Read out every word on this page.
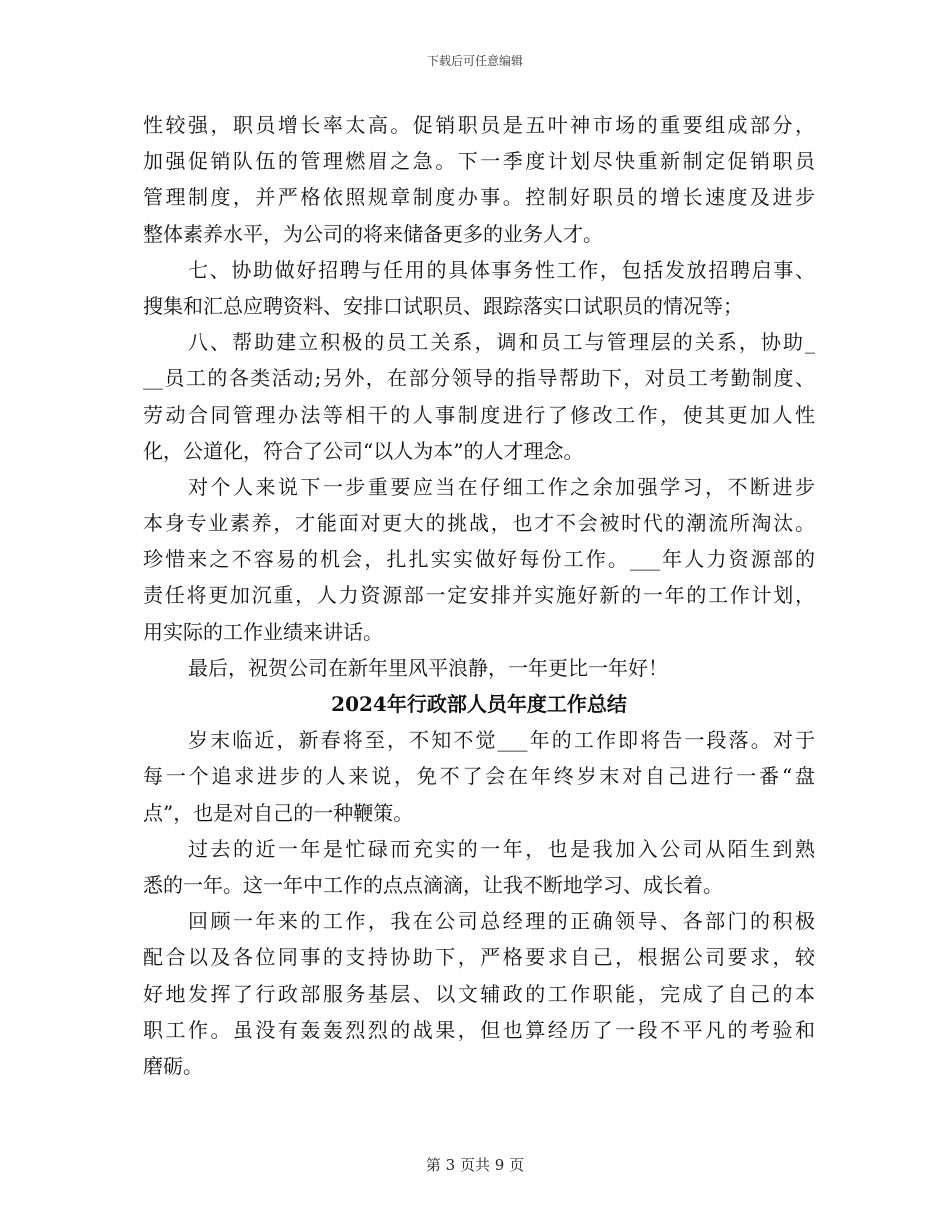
下载后可任意编辑
性较强，职员增长率太高。促销职员是五叶神市场的重要组成部分，
加强促销队伍的管理燃眉之急。下一季度计划尽快重新制定促销职员
管理制度，并严格依照规章制度办事。控制好职员的增长速度及进步
整体素养水平，为公司的将来储备更多的业务人才。
七、协助做好招聘与任用的具体事务性工作，包括发放招聘启事、
搜集和汇总应聘资料、安排口试职员、跟踪落实口试职员的情况等；
八、帮助建立积极的员工关系，调和员工与管理层的关系，协助_
__员工的各类活动;另外，在部分领导的指导帮助下，对员工考勤制度、
劳动合同管理办法等相干的人事制度进行了修改工作，使其更加人性
化，公道化，符合了公司“以人为本”的人才理念。
对个人来说下一步重要应当在仔细工作之余加强学习，不断进步
本身专业素养，才能面对更大的挑战，也才不会被时代的潮流所淘汰。
珍惜来之不容易的机会，扎扎实实做好每份工作。___年人力资源部的
责任将更加沉重，人力资源部一定安排并实施好新的一年的工作计划，
用实际的工作业绩来讲话。
最后，祝贺公司在新年里风平浪静，一年更比一年好！
2024年行政部人员年度工作总结
岁末临近，新春将至，不知不觉___年的工作即将告一段落。对于
每一个追求进步的人来说，免不了会在年终岁末对自己进行一番“盘
点”，也是对自己的一种鞭策。
过去的近一年是忙碌而充实的一年，也是我加入公司从陌生到熟
悉的一年。这一年中工作的点点滴滴，让我不断地学习、成长着。
回顾一年来的工作，我在公司总经理的正确领导、各部门的积极
配合以及各位同事的支持协助下，严格要求自己，根据公司要求，较
好地发挥了行政部服务基层、以文辅政的工作职能，完成了自己的本
职工作。虽没有轰轰烈烈的战果，但也算经历了一段不平凡的考验和
磨砺。
第 3 页共 9 页
